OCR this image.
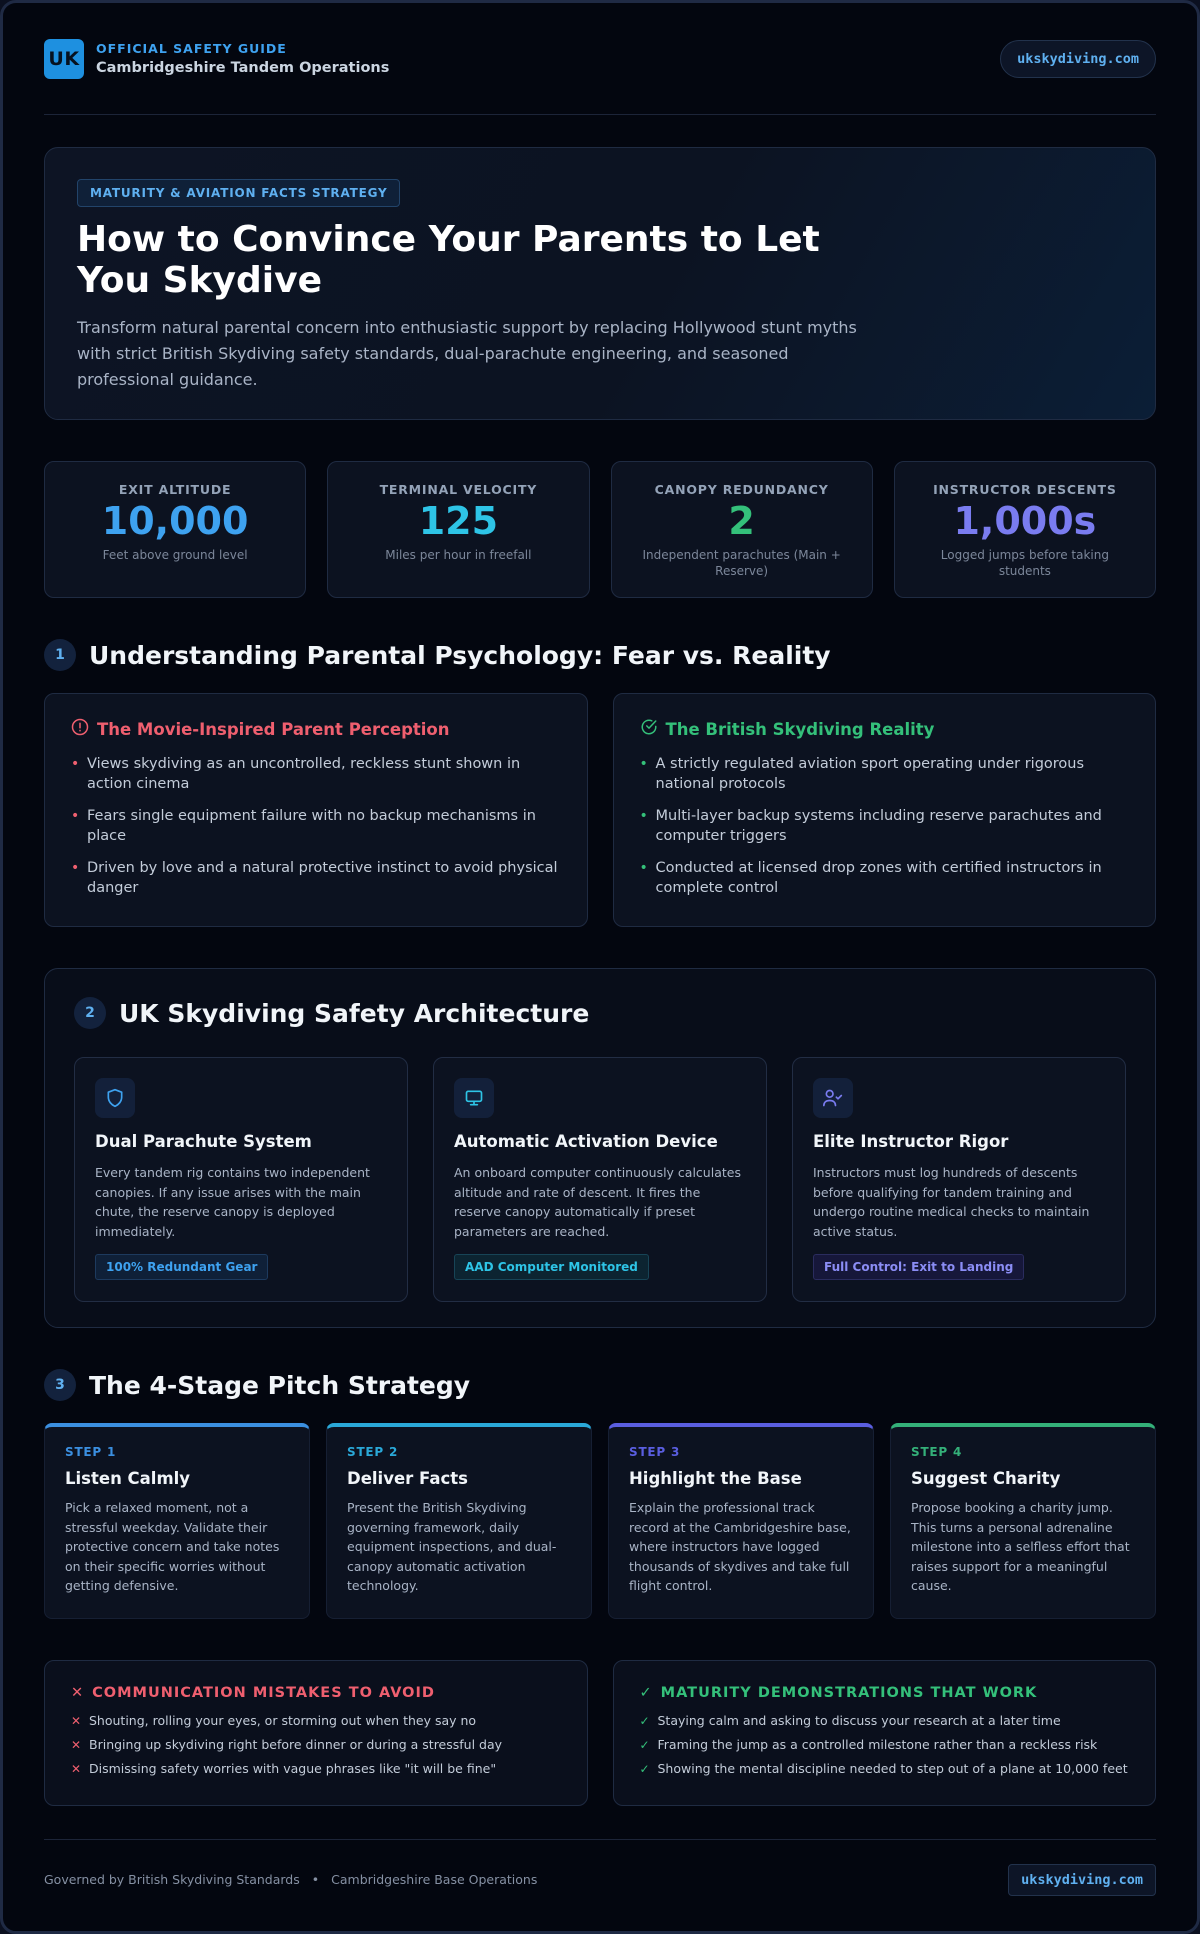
UK	OFFICIAL SAFETY GUIDE
Cambridgeshire Tandem Operations
ukskydiving.com
MATURITY & AVIATION FACTS STRATEGY
How to Convince Your Parents to Let You Skydive

Transform natural parental concern into enthusiastic support by replacing Hollywood stunt myths with strict British Skydiving safety standards, dual-parachute engineering, and seasoned professional guidance.

EXIT ALTITUDE
10,000
Feet above ground level
TERMINAL VELOCITY
125
Miles per hour in freefall
CANOPY REDUNDANCY
2
Independent parachutes (Main + Reserve)
INSTRUCTOR DESCENTS
1,000s
Logged jumps before taking students
1 Understanding Parental Psychology: Fear vs. Reality
The Movie-Inspired Parent Perception
• Views skydiving as an uncontrolled, reckless stunt shown in action cinema
• Fears single equipment failure with no backup mechanisms in place
• Driven by love and a natural protective instinct to avoid physical danger
The British Skydiving Reality
• A strictly regulated aviation sport operating under rigorous national protocols
• Multi-layer backup systems including reserve parachutes and computer triggers
• Conducted at licensed drop zones with certified instructors in complete control
2 UK Skydiving Safety Architecture
Dual Parachute System
Every tandem rig contains two independent canopies. If any issue arises with the main chute, the reserve canopy is deployed immediately.
100% Redundant Gear
Automatic Activation Device
An onboard computer continuously calculates altitude and rate of descent. It fires the reserve canopy automatically if preset parameters are reached.
AAD Computer Monitored
Elite Instructor Rigor
Instructors must log hundreds of descents before qualifying for tandem training and undergo routine medical checks to maintain active status.
Full Control: Exit to Landing
3 The 4-Stage Pitch Strategy
STEP 1
Listen Calmly
Pick a relaxed moment, not a stressful weekday. Validate their protective concern and take notes on their specific worries without getting defensive.
STEP 2
Deliver Facts
Present the British Skydiving governing framework, daily equipment inspections, and dual-canopy automatic activation technology.
STEP 3
Highlight the Base
Explain the professional track record at the Cambridgeshire base, where instructors have logged thousands of skydives and take full flight control.
STEP 4
Suggest Charity
Propose booking a charity jump. This turns a personal adrenaline milestone into a selfless effort that raises support for a meaningful cause.
✕ COMMUNICATION MISTAKES TO AVOID
✕ Shouting, rolling your eyes, or storming out when they say no
✕ Bringing up skydiving right before dinner or during a stressful day
✕ Dismissing safety worries with vague phrases like "it will be fine"
✓ MATURITY DEMONSTRATIONS THAT WORK
✓ Staying calm and asking to discuss your research at a later time
✓ Framing the jump as a controlled milestone rather than a reckless risk
✓ Showing the mental discipline needed to step out of a plane at 10,000 feet
Governed by British Skydiving Standards • Cambridgeshire Base Operations	ukskydiving.com
